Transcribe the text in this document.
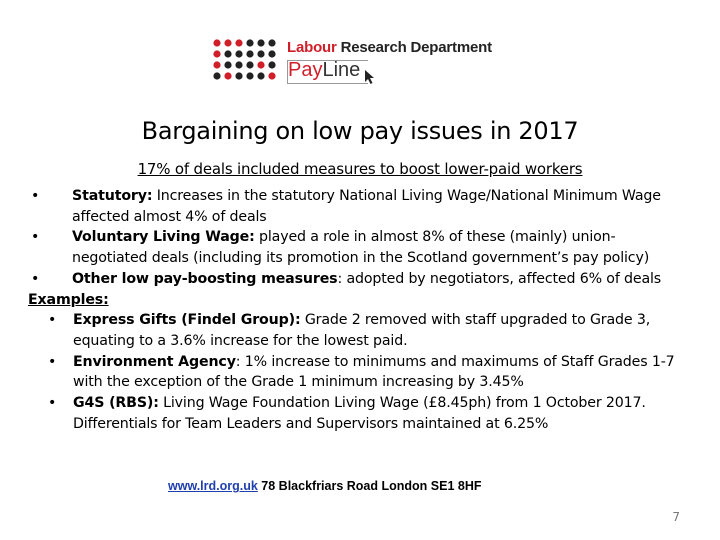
Labour Research Department
PayLine
Bargaining on low pay issues in 2017
17% of deals included measures to boost lower-paid workers
• Statutory: Increases in the statutory National Living Wage/National Minimum Wage affected almost 4% of deals
• Voluntary Living Wage: played a role in almost 8% of these (mainly) union-negotiated deals (including its promotion in the Scotland government’s pay policy)
• Other low pay-boosting measures: adopted by negotiators, affected 6% of deals
Examples:
• Express Gifts (Findel Group): Grade 2 removed with staff upgraded to Grade 3, equating to a 3.6% increase for the lowest paid.
• Environment Agency: 1% increase to minimums and maximums of Staff Grades 1-7 with the exception of the Grade 1 minimum increasing by 3.45%
• G4S (RBS): Living Wage Foundation Living Wage (£8.45ph) from 1 October 2017. Differentials for Team Leaders and Supervisors maintained at 6.25%
www.lrd.org.uk 78 Blackfriars Road London SE1 8HF
7
